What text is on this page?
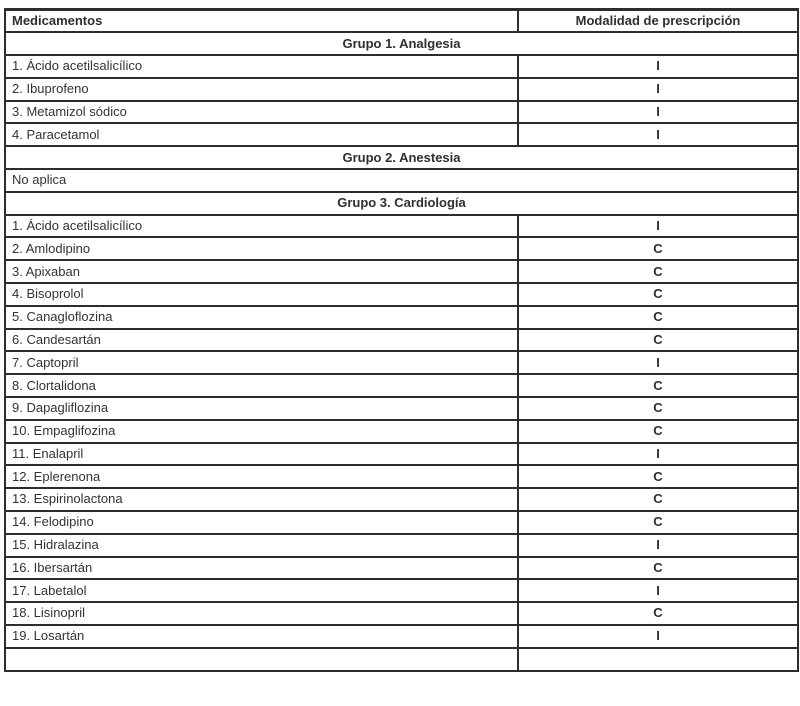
Medicamentos	Modalidad de prescripción
Grupo 1. Analgesia	
1. Ácido acetilsalicílico	I
2. Ibuprofeno	I
3. Metamizol sódico	I
4. Paracetamol	I
Grupo 2. Anestesia	
No aplica	
Grupo 3. Cardiología	
1. Ácido acetilsalicílico	I
2. Amlodipino	C
3. Apixaban	C
4. Bisoprolol	C
5. Canagloflozina	C
6. Candesartán	C
7. Captopril	I
8. Clortalidona	C
9. Dapagliflozina	C
10. Empaglifozina	C
11. Enalapril	I
12. Eplerenona	C
13. Espirinolactona	C
14. Felodipino	C
15. Hidralazina	I
16. Ibersartán	C
17. Labetalol	I
18. Lisinopril	C
19. Losartán	I
